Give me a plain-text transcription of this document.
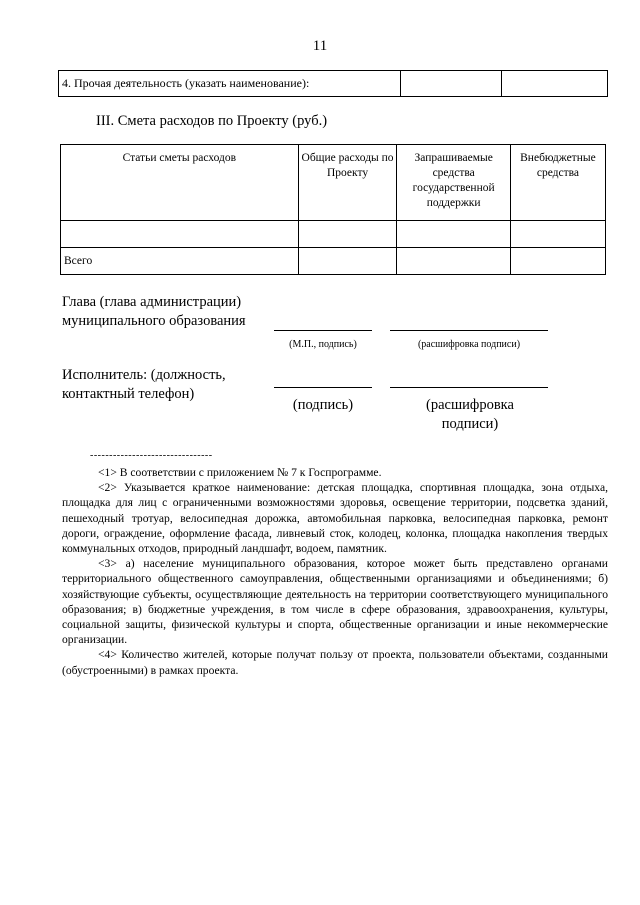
11
4. Прочая деятельность (указать наименование):		
III. Смета расходов по Проекту (руб.)
Статьи сметы расходов	Общие расходы по Проекту	Запрашиваемые средства государственной поддержки	Внебюджетные средства

Всего			
Глава (глава администрации) муниципального образования
(М.П., подпись)	(расшифровка подписи)
Исполнитель: (должность, контактный телефон)
(подпись)	(расшифровка подписи)
--------------------------------

<1> В соответствии с приложением № 7 к Госпрограмме.

<2> Указывается краткое наименование: детская площадка, спортивная площадка, зона отдыха, площадка для лиц с ограниченными возможностями здоровья, освещение территории, подсветка зданий, пешеходный тротуар, велосипедная дорожка, автомобильная парковка, велосипедная парковка, ремонт дороги, ограждение, оформление фасада, ливневый сток, колодец, колонка, площадка накопления твердых коммунальных отходов, природный ландшафт, водоем, памятник.

<3> а) население муниципального образования, которое может быть представлено органами территориального общественного самоуправления, общественными организациями и объединениями; б) хозяйствующие субъекты, осуществляющие деятельность на территории соответствующего муниципального образования; в) бюджетные учреждения, в том числе в сфере образования, здравоохранения, культуры, социальной защиты, физической культуры и спорта, общественные организации и иные некоммерческие организации.

<4> Количество жителей, которые получат пользу от проекта, пользователи объектами, созданными (обустроенными) в рамках проекта.
